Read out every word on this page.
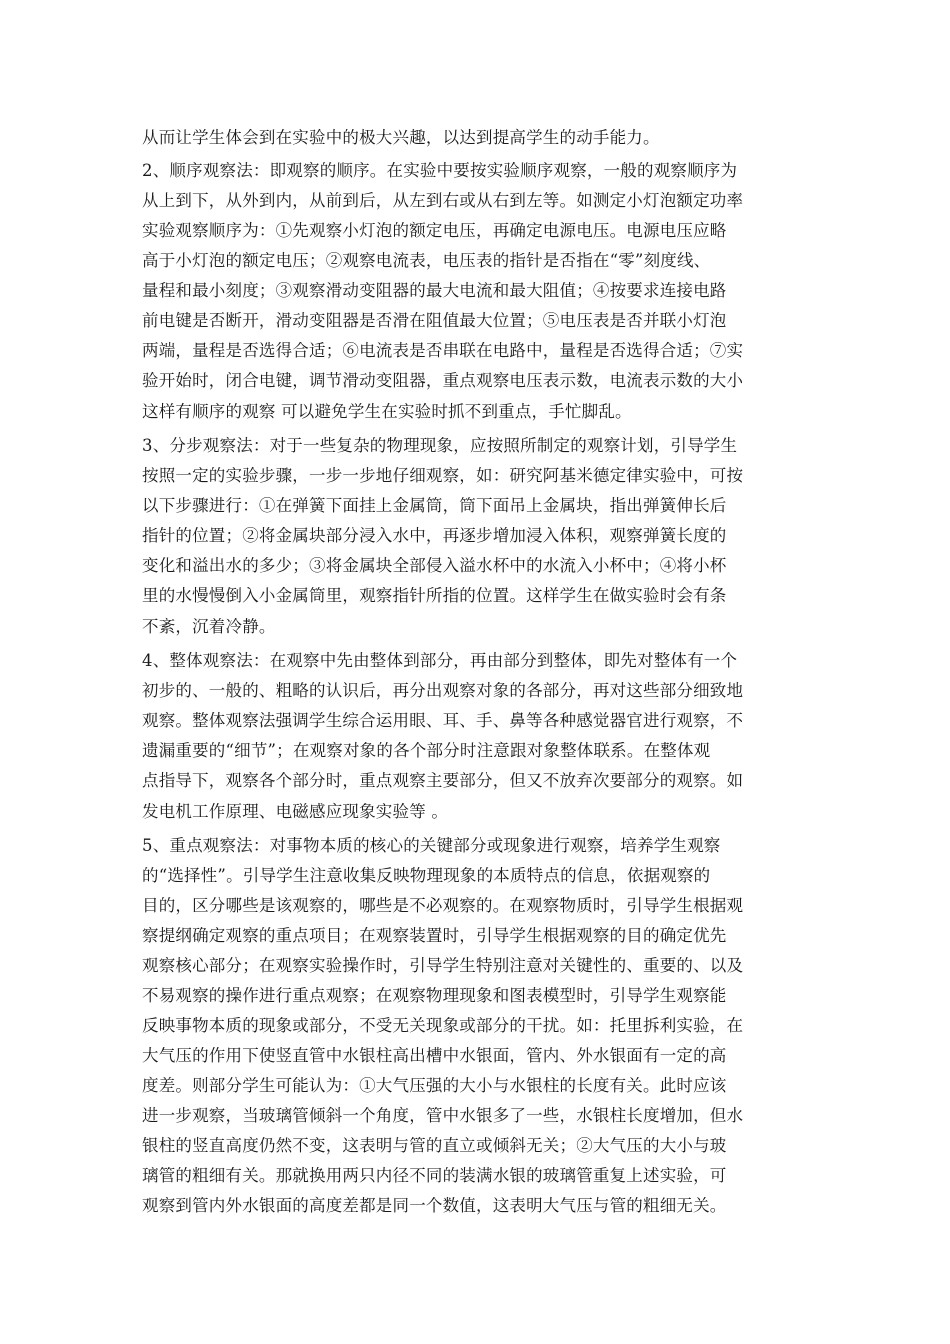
从而让学生体会到在实验中的极大兴趣，以达到提高学生的动手能力。
2、顺序观察法：即观察的顺序。在实验中要按实验顺序观察，一般的观察顺序为
从上到下，从外到内，从前到后，从左到右或从右到左等。如测定小灯泡额定功率
实验观察顺序为：①先观察小灯泡的额定电压，再确定电源电压。电源电压应略
高于小灯泡的额定电压；②观察电流表，电压表的指针是否指在“零”刻度线、
量程和最小刻度；③观察滑动变阻器的最大电流和最大阻值；④按要求连接电路
前电键是否断开，滑动变阻器是否滑在阻值最大位置；⑤电压表是否并联小灯泡
两端，量程是否选得合适；⑥电流表是否串联在电路中，量程是否选得合适；⑦实
验开始时，闭合电键，调节滑动变阻器，重点观察电压表示数，电流表示数的大小
这样有顺序的观察 可以避免学生在实验时抓不到重点，手忙脚乱。
3、分步观察法：对于一些复杂的物理现象，应按照所制定的观察计划，引导学生
按照一定的实验步骤，一步一步地仔细观察，如：研究阿基米德定律实验中，可按
以下步骤进行：①在弹簧下面挂上金属筒，筒下面吊上金属块，指出弹簧伸长后
指针的位置；②将金属块部分浸入水中，再逐步增加浸入体积，观察弹簧长度的
变化和溢出水的多少；③将金属块全部侵入溢水杯中的水流入小杯中；④将小杯
里的水慢慢倒入小金属筒里，观察指针所指的位置。这样学生在做实验时会有条
不紊，沉着冷静。
4、整体观察法：在观察中先由整体到部分，再由部分到整体，即先对整体有一个
初步的、一般的、粗略的认识后，再分出观察对象的各部分，再对这些部分细致地
观察。整体观察法强调学生综合运用眼、耳、手、鼻等各种感觉器官进行观察，不
遗漏重要的“细节”；在观察对象的各个部分时注意跟对象整体联系。在整体观
点指导下，观察各个部分时，重点观察主要部分，但又不放弃次要部分的观察。如
发电机工作原理、电磁感应现象实验等 。
5、重点观察法：对事物本质的核心的关键部分或现象进行观察，培养学生观察
的“选择性”。引导学生注意收集反映物理现象的本质特点的信息，依据观察的
目的，区分哪些是该观察的，哪些是不必观察的。在观察物质时，引导学生根据观
察提纲确定观察的重点项目；在观察装置时，引导学生根据观察的目的确定优先
观察核心部分；在观察实验操作时，引导学生特别注意对关键性的、重要的、以及
不易观察的操作进行重点观察；在观察物理现象和图表模型时，引导学生观察能
反映事物本质的现象或部分，不受无关现象或部分的干扰。如：托里拆利实验，在
大气压的作用下使竖直管中水银柱高出槽中水银面，管内、外水银面有一定的高
度差。则部分学生可能认为：①大气压强的大小与水银柱的长度有关。此时应该
进一步观察，当玻璃管倾斜一个角度，管中水银多了一些，水银柱长度增加，但水
银柱的竖直高度仍然不变，这表明与管的直立或倾斜无关；②大气压的大小与玻
璃管的粗细有关。那就换用两只内径不同的装满水银的玻璃管重复上述实验，可
观察到管内外水银面的高度差都是同一个数值，这表明大气压与管的粗细无关。
